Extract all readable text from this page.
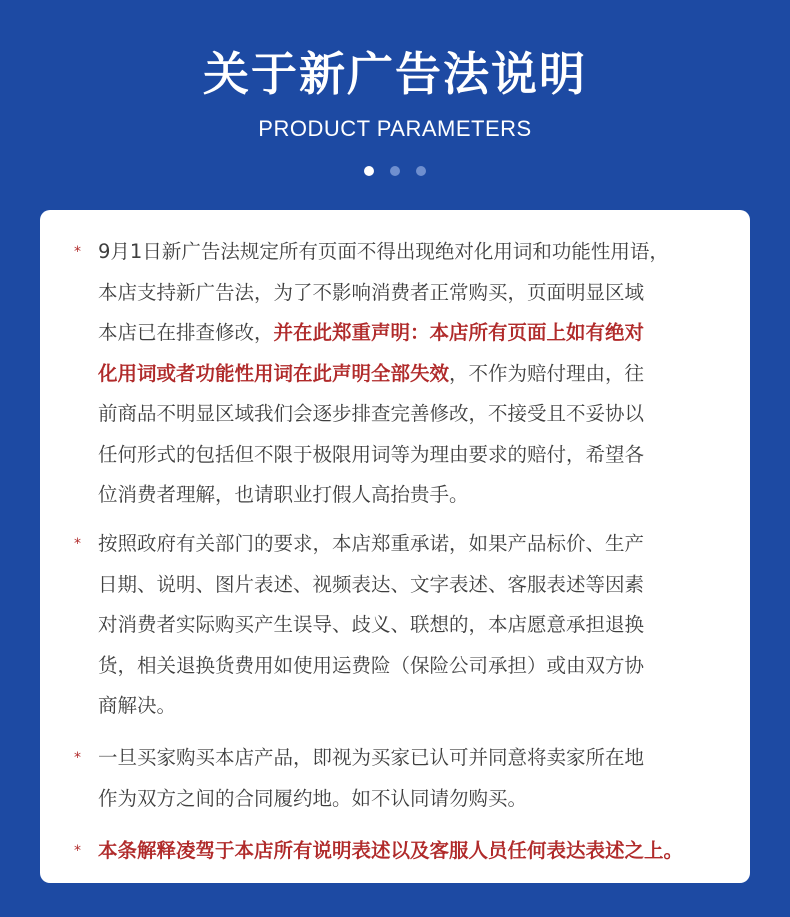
关于新广告法说明
PRODUCT PARAMETERS

* 9月1日新广告法规定所有页面不得出现绝对化用词和功能性用语，
本店支持新广告法，为了不影响消费者正常购买，页面明显区域
本店已在排查修改，并在此郑重声明：本店所有页面上如有绝对
化用词或者功能性用词在此声明全部失效，不作为赔付理由，往
前商品不明显区域我们会逐步排查完善修改，不接受且不妥协以
任何形式的包括但不限于极限用词等为理由要求的赔付，希望各
位消费者理解，也请职业打假人高抬贵手。
* 按照政府有关部门的要求，本店郑重承诺，如果产品标价、生产
日期、说明、图片表述、视频表达、文字表述、客服表述等因素
对消费者实际购买产生误导、歧义、联想的，本店愿意承担退换
货，相关退换货费用如使用运费险（保险公司承担）或由双方协
商解决。
* 一旦买家购买本店产品，即视为买家已认可并同意将卖家所在地
作为双方之间的合同履约地。如不认同请勿购买。
* 本条解释凌驾于本店所有说明表述以及客服人员任何表达表述之上。
